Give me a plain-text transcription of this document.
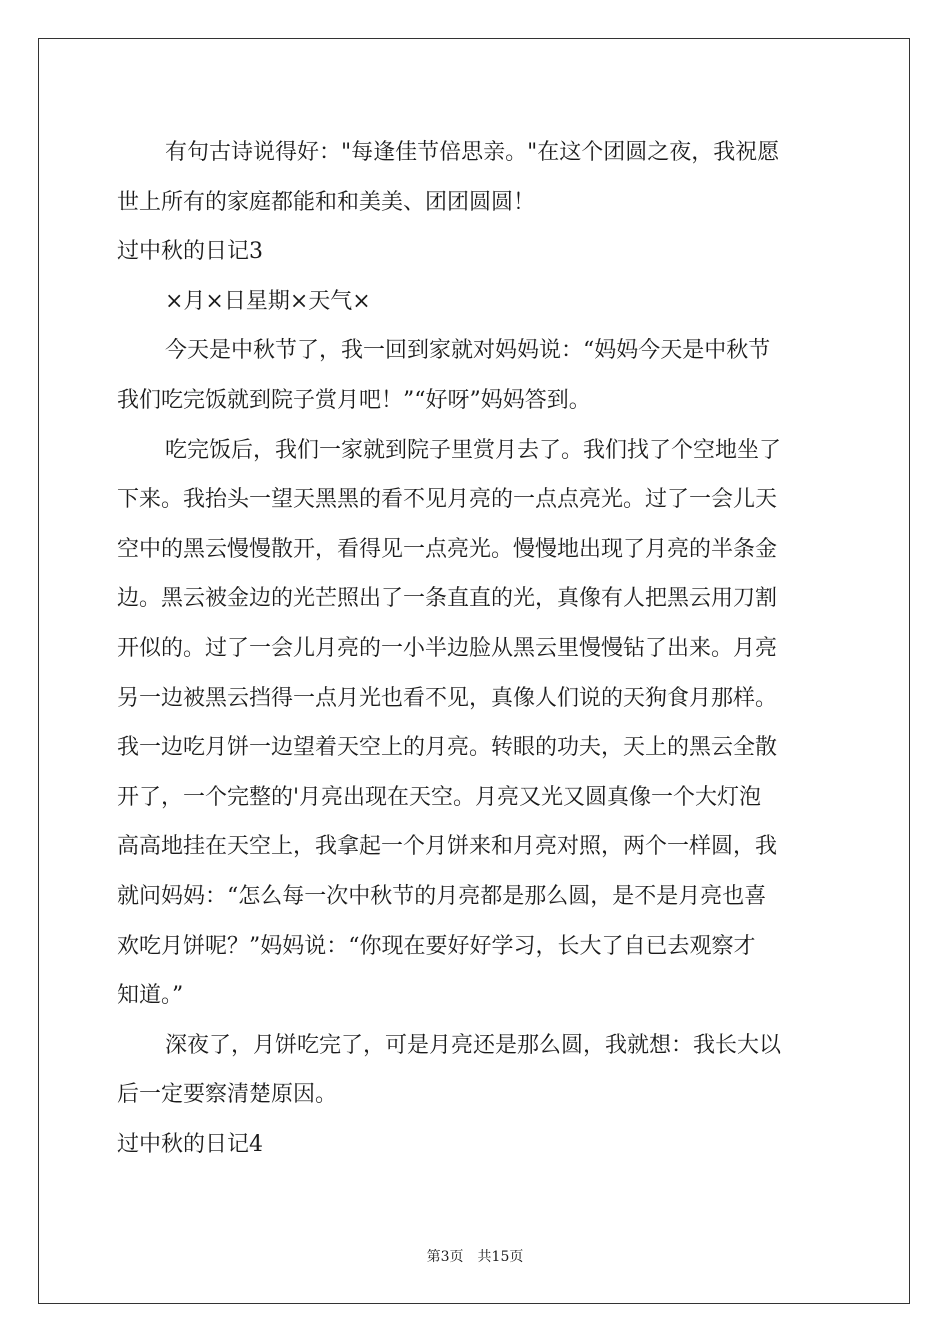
有句古诗说得好："每逢佳节倍思亲。"在这个团圆之夜，我祝愿
世上所有的家庭都能和和美美、团团圆圆！
过中秋的日记3
×月×日星期×天气×
今天是中秋节了，我一回到家就对妈妈说：“妈妈今天是中秋节
我们吃完饭就到院子赏月吧！”“好呀”妈妈答到。
吃完饭后，我们一家就到院子里赏月去了。我们找了个空地坐了
下来。我抬头一望天黑黑的看不见月亮的一点点亮光。过了一会儿天
空中的黑云慢慢散开，看得见一点亮光。慢慢地出现了月亮的半条金
边。黑云被金边的光芒照出了一条直直的光，真像有人把黑云用刀割
开似的。过了一会儿月亮的一小半边脸从黑云里慢慢钻了出来。月亮
另一边被黑云挡得一点月光也看不见，真像人们说的天狗食月那样。
我一边吃月饼一边望着天空上的月亮。转眼的功夫，天上的黑云全散
开了，一个完整的'月亮出现在天空。月亮又光又圆真像一个大灯泡
高高地挂在天空上，我拿起一个月饼来和月亮对照，两个一样圆，我
就问妈妈：“怎么每一次中秋节的月亮都是那么圆，是不是月亮也喜
欢吃月饼呢？”妈妈说：“你现在要好好学习，长大了自已去观察才
知道。”
深夜了，月饼吃完了，可是月亮还是那么圆，我就想：我长大以
后一定要察清楚原因。
过中秋的日记4
第3页 共15页
